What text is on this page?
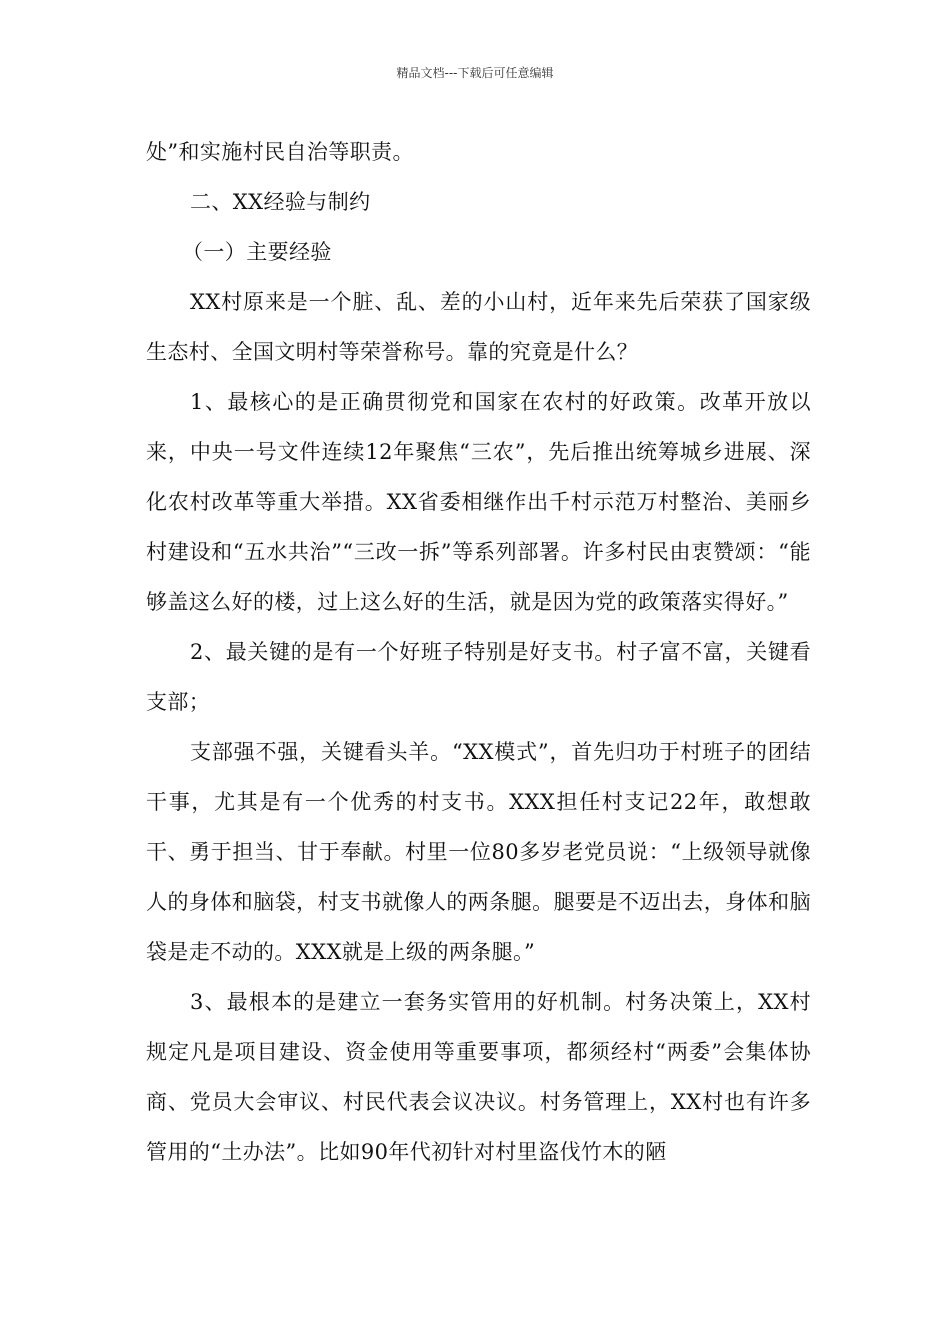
精品文档---下载后可任意编辑

处”和实施村民自治等职责。

二、XX经验与制约

（一）主要经验

XX村原来是一个脏、乱、差的小山村，近年来先后荣获了国家级生态村、全国文明村等荣誉称号。靠的究竟是什么？

1、最核心的是正确贯彻党和国家在农村的好政策。改革开放以来，中央一号文件连续12年聚焦“三农”，先后推出统筹城乡进展、深化农村改革等重大举措。XX省委相继作出千村示范万村整治、美丽乡村建设和“五水共治”“三改一拆”等系列部署。许多村民由衷赞颂：“能够盖这么好的楼，过上这么好的生活，就是因为党的政策落实得好。”

2、最关键的是有一个好班子特别是好支书。村子富不富，关键看支部；

支部强不强，关键看头羊。“XX模式”，首先归功于村班子的团结干事，尤其是有一个优秀的村支书。XXX担任村支记22年，敢想敢干、勇于担当、甘于奉献。村里一位80多岁老党员说：“上级领导就像人的身体和脑袋，村支书就像人的两条腿。腿要是不迈出去，身体和脑袋是走不动的。XXX就是上级的两条腿。”

3、最根本的是建立一套务实管用的好机制。村务决策上，XX村规定凡是项目建设、资金使用等重要事项，都须经村“两委”会集体协商、党员大会审议、村民代表会议决议。村务管理上，XX村也有许多管用的“土办法”。比如90年代初针对村里盗伐竹木的陋
